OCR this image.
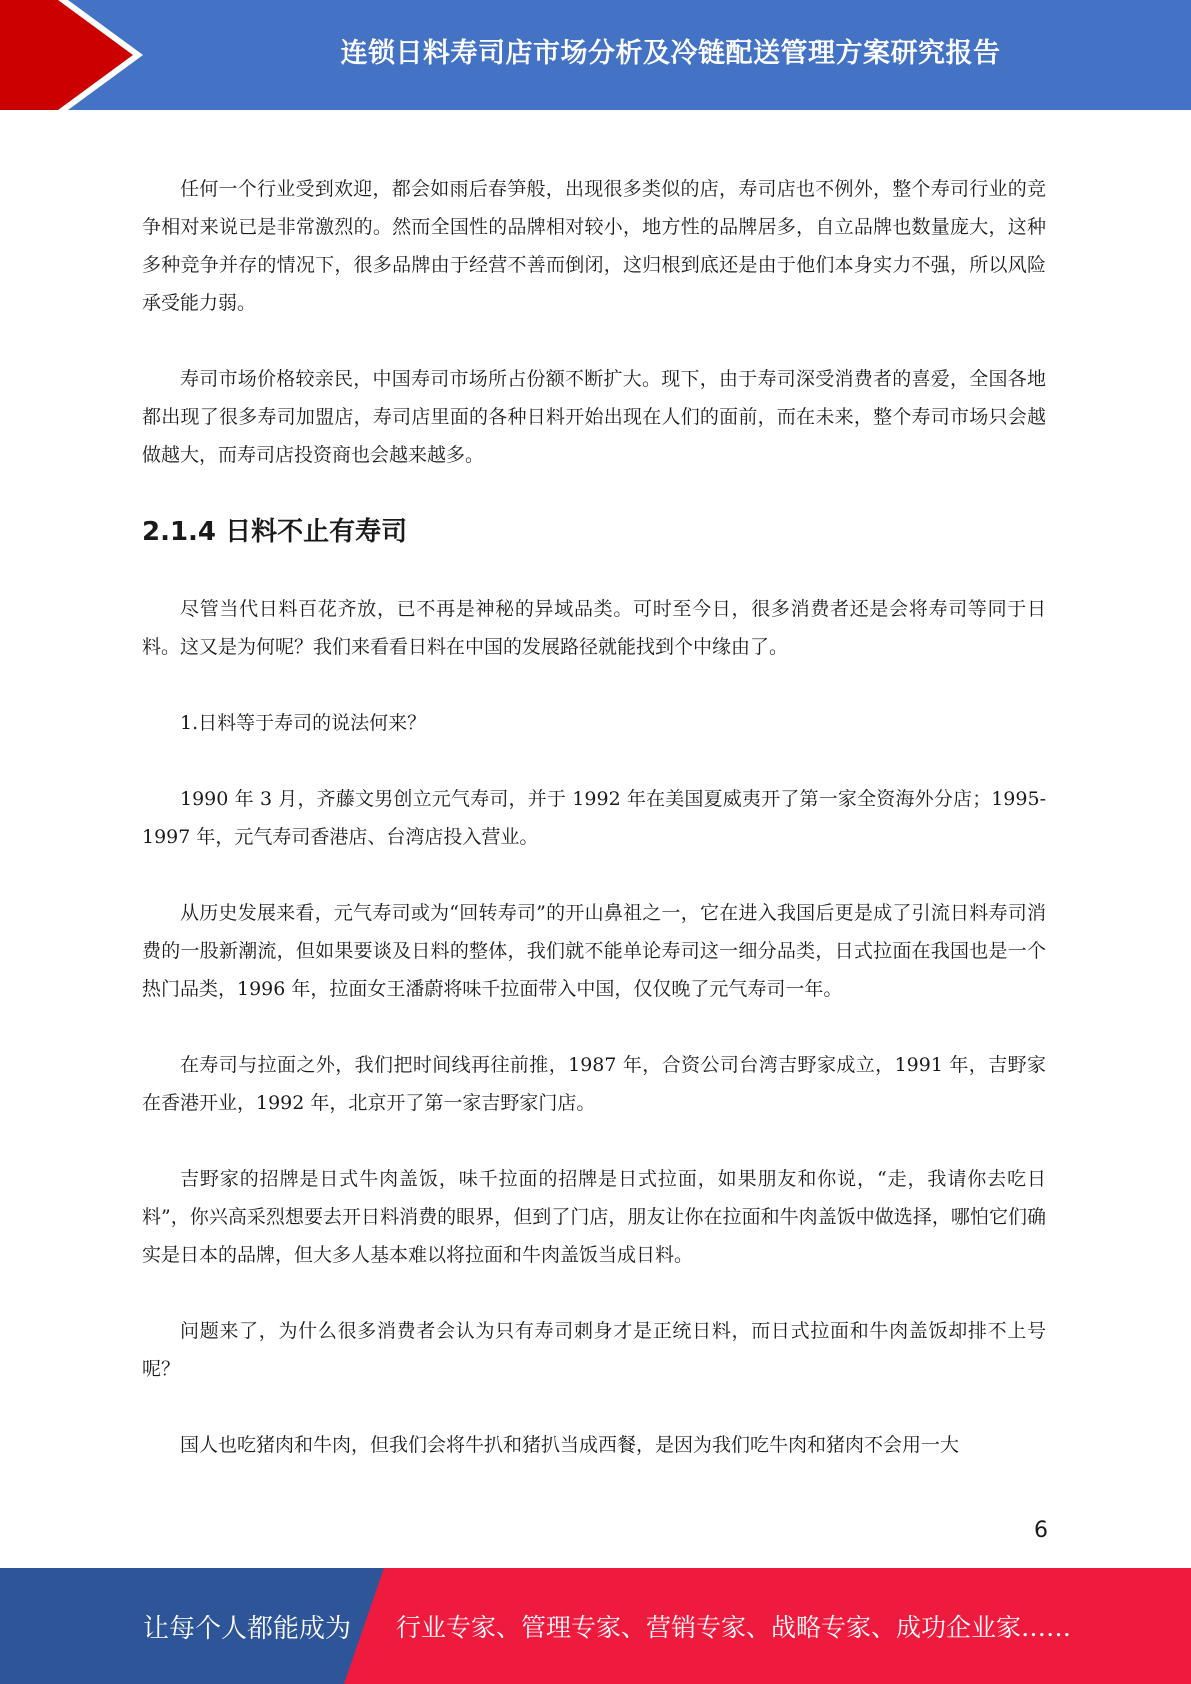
连锁日料寿司店市场分析及冷链配送管理方案研究报告

任何一个行业受到欢迎，都会如雨后春笋般，出现很多类似的店，寿司店也不例外，整个寿司行业的竞争相对来说已是非常激烈的。然而全国性的品牌相对较小，地方性的品牌居多，自立品牌也数量庞大，这种多种竞争并存的情况下，很多品牌由于经营不善而倒闭，这归根到底还是由于他们本身实力不强，所以风险承受能力弱。

寿司市场价格较亲民，中国寿司市场所占份额不断扩大。现下，由于寿司深受消费者的喜爱，全国各地都出现了很多寿司加盟店，寿司店里面的各种日料开始出现在人们的面前，而在未来，整个寿司市场只会越做越大，而寿司店投资商也会越来越多。

2.1.4 日料不止有寿司

尽管当代日料百花齐放，已不再是神秘的异域品类。可时至今日，很多消费者还是会将寿司等同于日料。这又是为何呢？我们来看看日料在中国的发展路径就能找到个中缘由了。

1.日料等于寿司的说法何来？

1990 年 3 月，齐藤文男创立元气寿司，并于 1992 年在美国夏威夷开了第一家全资海外分店；1995-1997 年，元气寿司香港店、台湾店投入营业。

从历史发展来看，元气寿司或为“回转寿司”的开山鼻祖之一，它在进入我国后更是成了引流日料寿司消费的一股新潮流，但如果要谈及日料的整体，我们就不能单论寿司这一细分品类，日式拉面在我国也是一个热门品类，1996 年，拉面女王潘蔚将味千拉面带入中国，仅仅晚了元气寿司一年。

在寿司与拉面之外，我们把时间线再往前推，1987 年，合资公司台湾吉野家成立，1991 年，吉野家在香港开业，1992 年，北京开了第一家吉野家门店。

吉野家的招牌是日式牛肉盖饭，味千拉面的招牌是日式拉面，如果朋友和你说，“走，我请你去吃日料”，你兴高采烈想要去开日料消费的眼界，但到了门店，朋友让你在拉面和牛肉盖饭中做选择，哪怕它们确实是日本的品牌，但大多人基本难以将拉面和牛肉盖饭当成日料。

问题来了，为什么很多消费者会认为只有寿司刺身才是正统日料，而日式拉面和牛肉盖饭却排不上号呢？

国人也吃猪肉和牛肉，但我们会将牛扒和猪扒当成西餐，是因为我们吃牛肉和猪肉不会用一大

6
让每个人都能成为 行业专家、管理专家、营销专家、战略专家、成功企业家……
